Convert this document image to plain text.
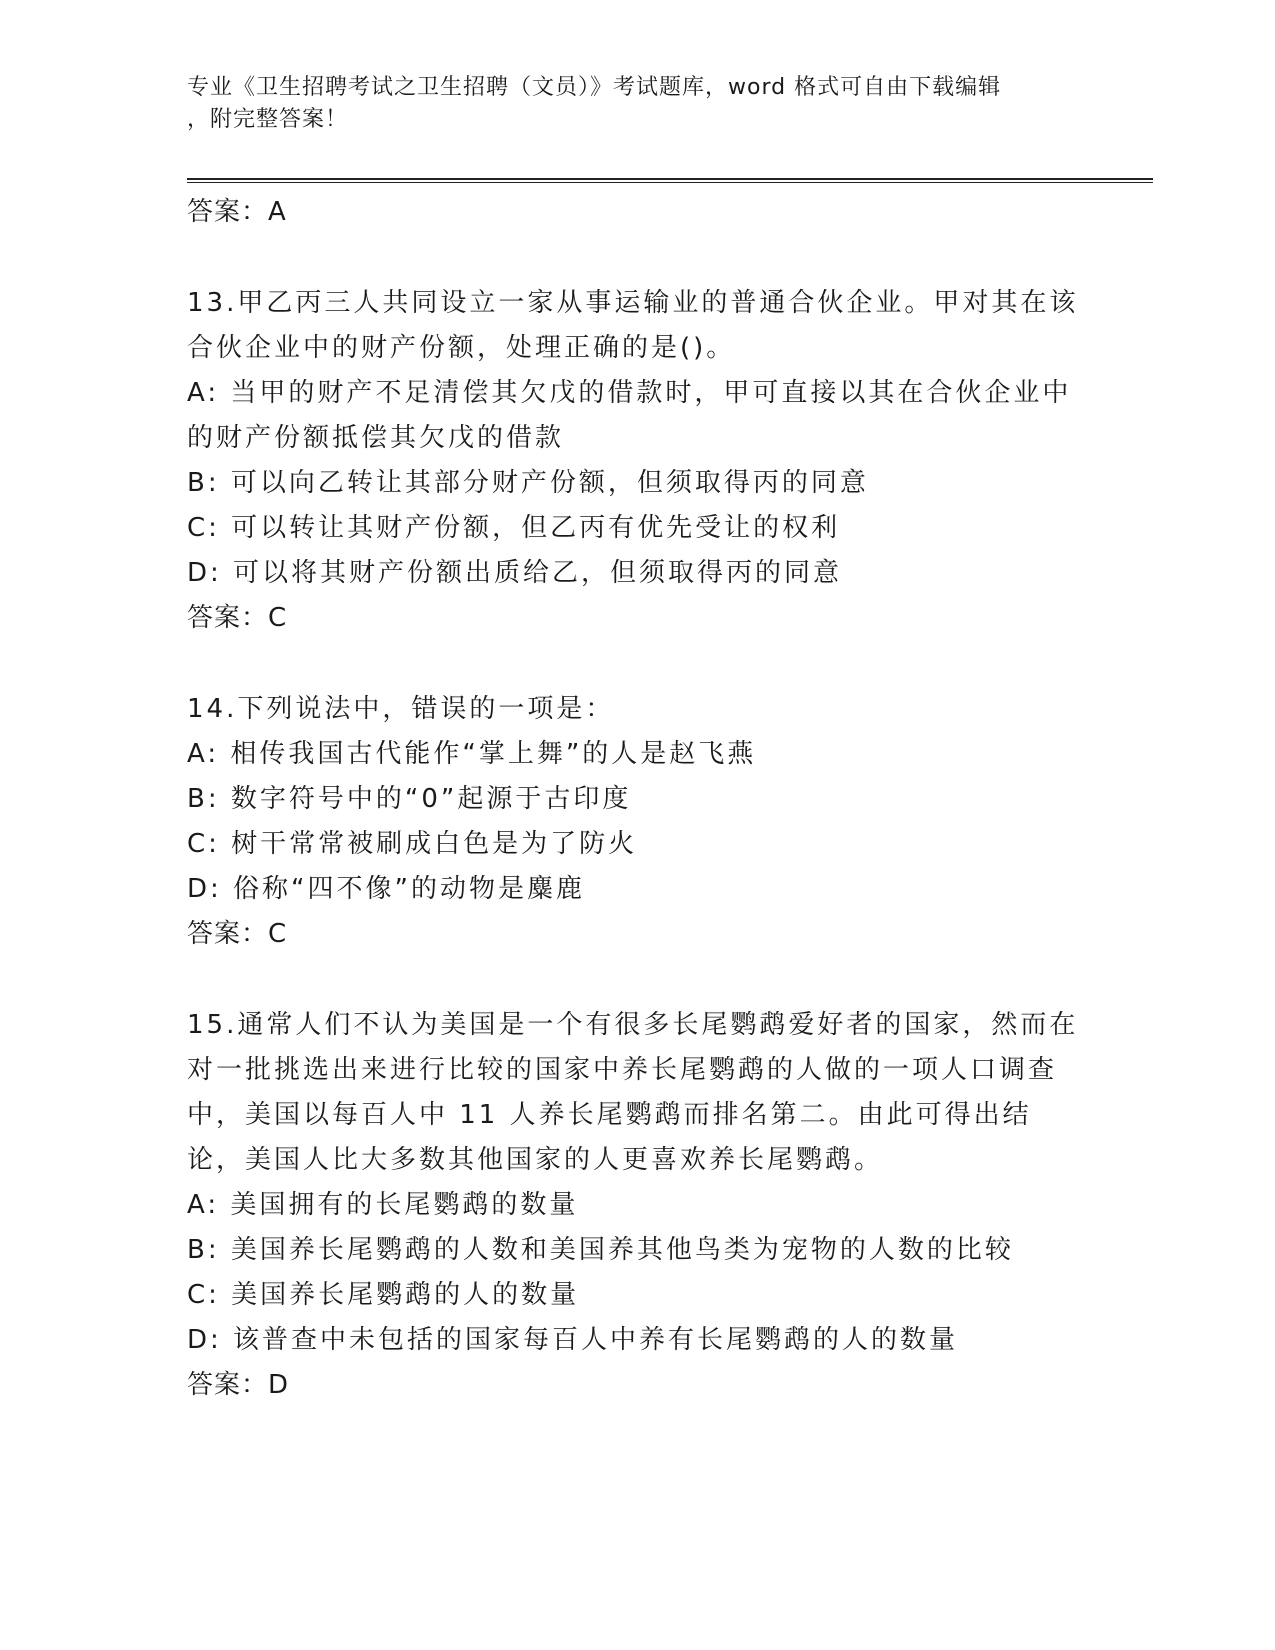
专业《卫生招聘考试之卫生招聘（文员）》考试题库，word 格式可自由下载编辑
，附完整答案！
答案：A
13.甲乙丙三人共同设立一家从事运输业的普通合伙企业。甲对其在该合伙企业中的财产份额，处理正确的是()。
A: 当甲的财产不足清偿其欠戊的借款时，甲可直接以其在合伙企业中的财产份额抵偿其欠戊的借款
B: 可以向乙转让其部分财产份额，但须取得丙的同意
C: 可以转让其财产份额，但乙丙有优先受让的权利
D: 可以将其财产份额出质给乙，但须取得丙的同意
答案：C
14.下列说法中，错误的一项是：
A: 相传我国古代能作“掌上舞”的人是赵飞燕
B: 数字符号中的“0”起源于古印度
C: 树干常常被刷成白色是为了防火
D: 俗称“四不像”的动物是麋鹿
答案：C
15.通常人们不认为美国是一个有很多长尾鹦鹉爱好者的国家，然而在对一批挑选出来进行比较的国家中养长尾鹦鹉的人做的一项人口调查中，美国以每百人中 11 人养长尾鹦鹉而排名第二。由此可得出结论，美国人比大多数其他国家的人更喜欢养长尾鹦鹉。
A: 美国拥有的长尾鹦鹉的数量
B: 美国养长尾鹦鹉的人数和美国养其他鸟类为宠物的人数的比较
C: 美国养长尾鹦鹉的人的数量
D: 该普查中未包括的国家每百人中养有长尾鹦鹉的人的数量
答案：D
